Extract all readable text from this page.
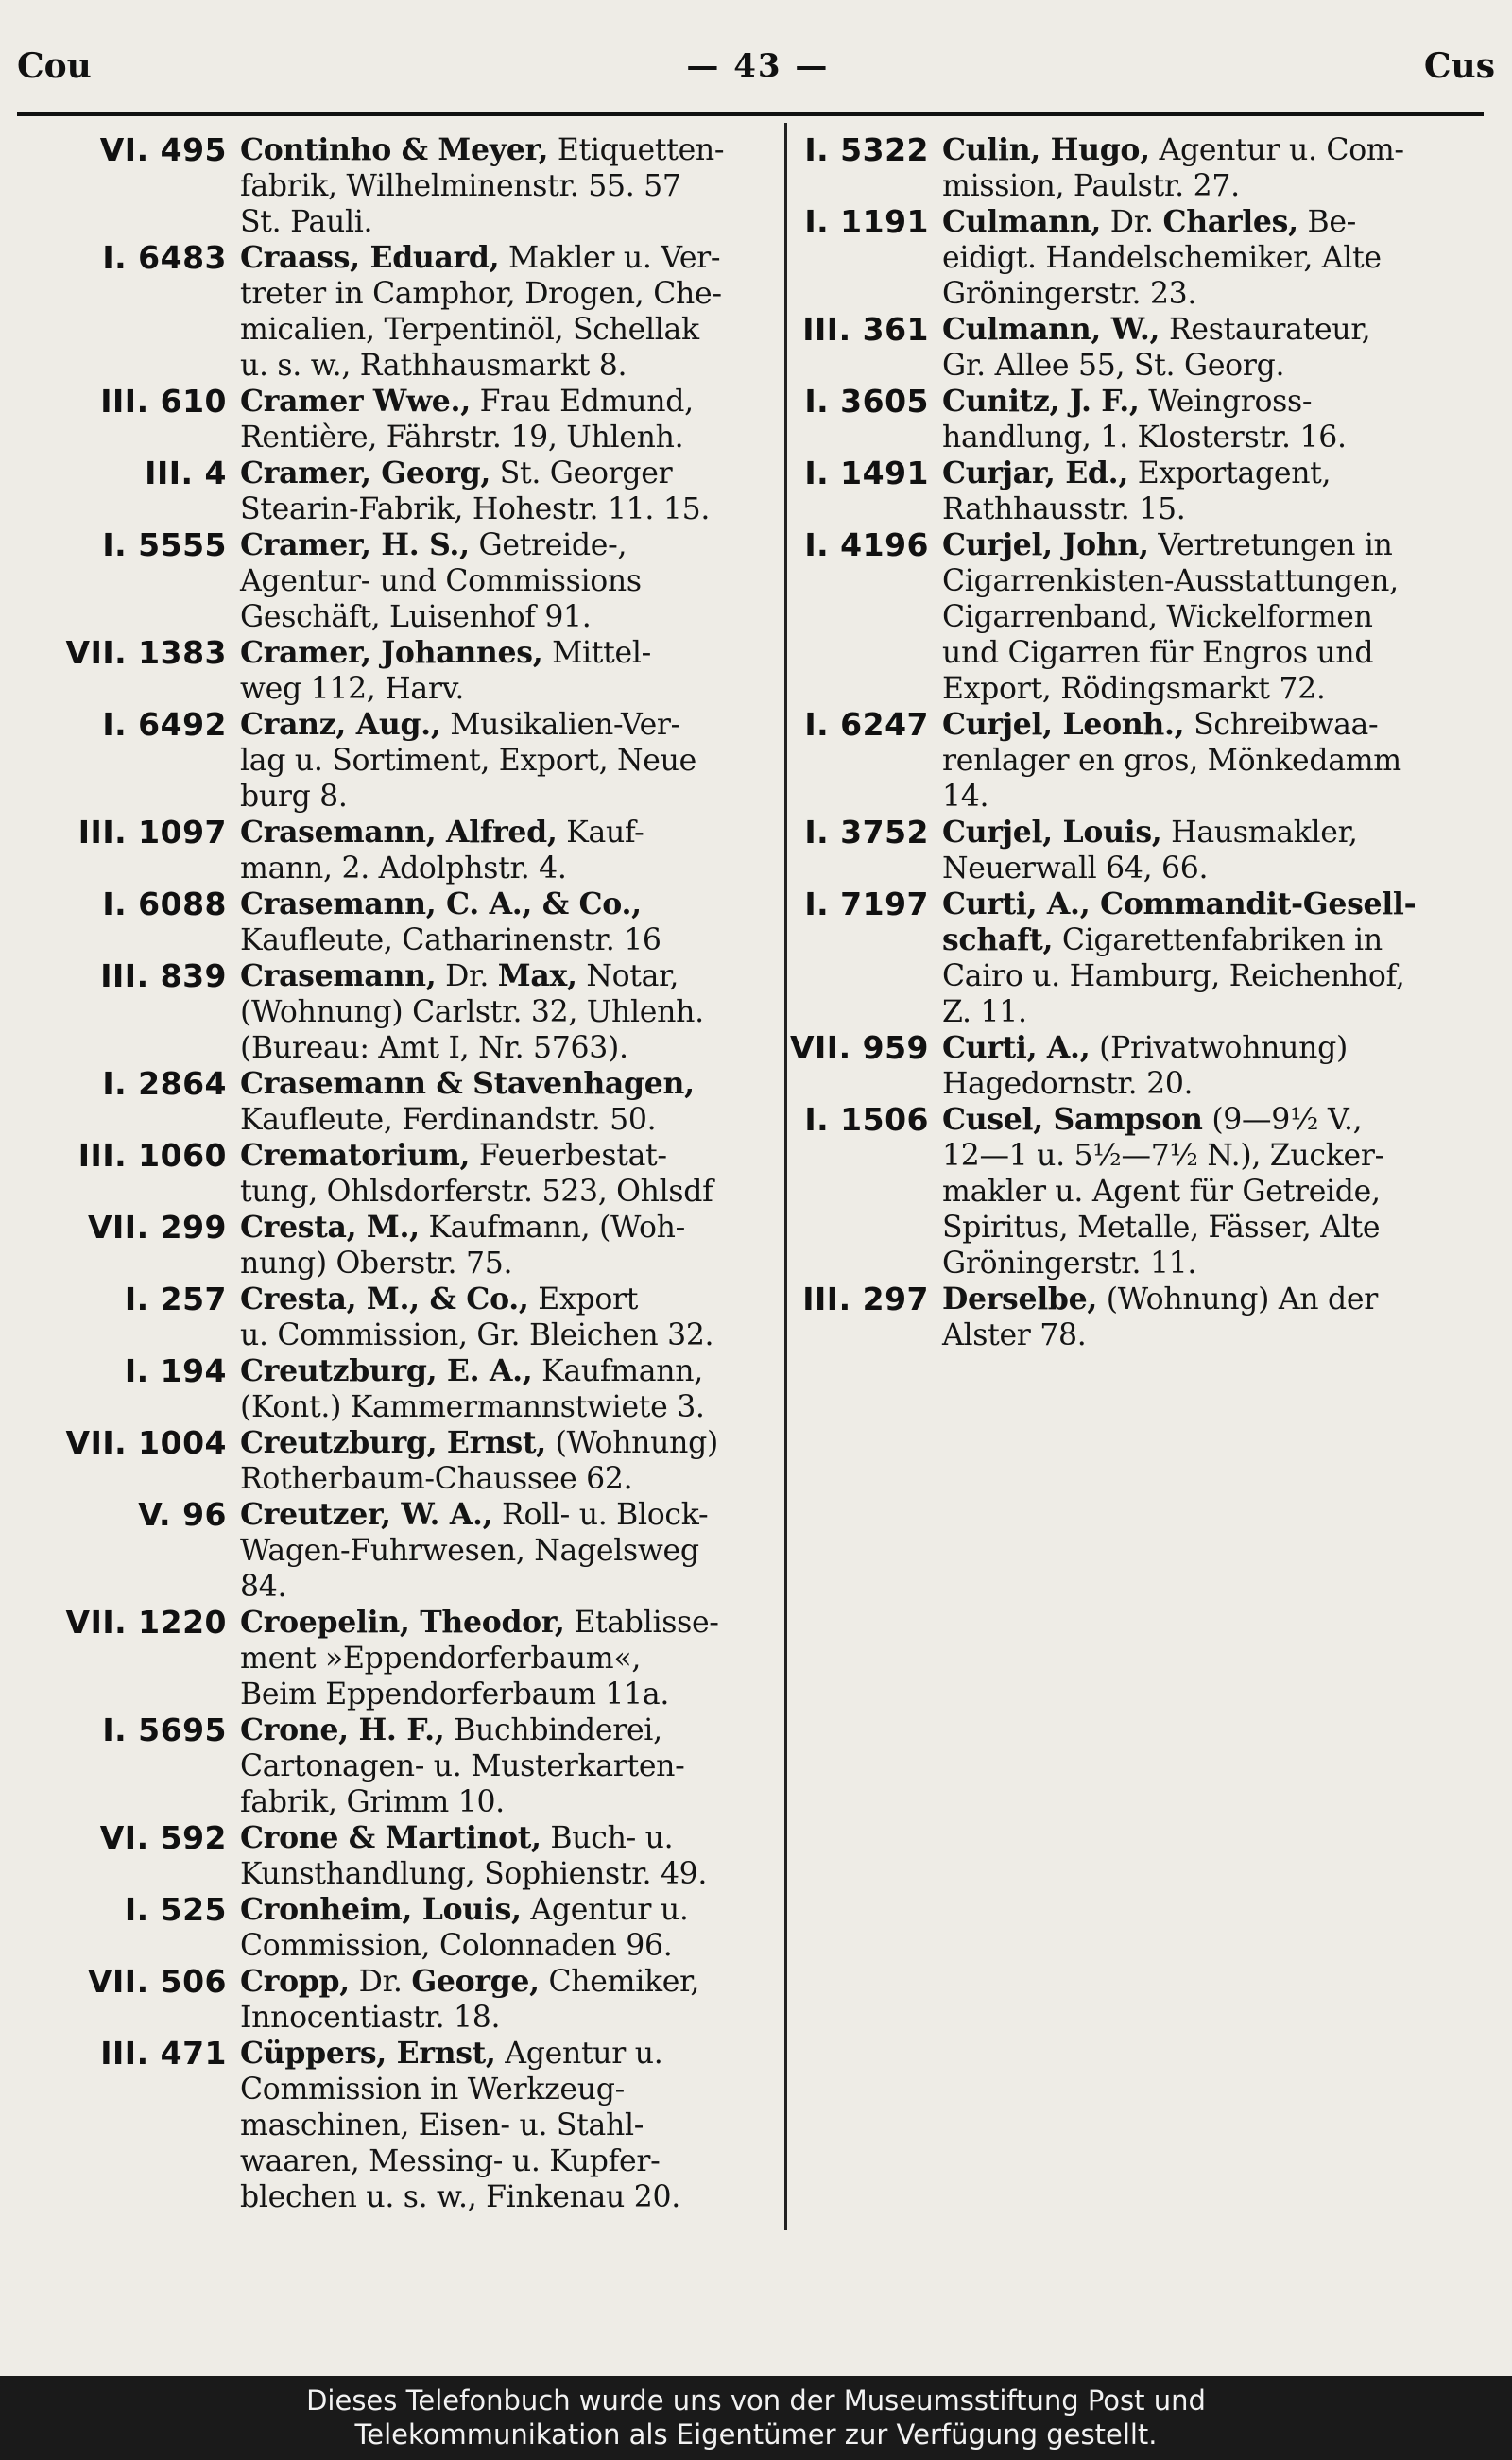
Cou	— 43 —	Cus
VI. 495 Continho & Meyer, Etiquetten-
fabrik, Wilhelminenstr. 55. 57
St. Pauli.
I. 6483 Craass, Eduard, Makler u. Ver-
treter in Camphor, Drogen, Che-
micalien, Terpentinöl, Schellak
u. s. w., Rathhausmarkt 8.
III. 610 Cramer Wwe., Frau Edmund,
Rentière, Fährstr. 19, Uhlenh.
III. 4 Cramer, Georg, St. Georger
Stearin-Fabrik, Hohestr. 11. 15.
I. 5555 Cramer, H. S., Getreide-,
Agentur- und Commissions
Geschäft, Luisenhof 91.
VII. 1383 Cramer, Johannes, Mittel-
weg 112, Harv.
I. 6492 Cranz, Aug., Musikalien-Ver-
lag u. Sortiment, Export, Neue
burg 8.
III. 1097 Crasemann, Alfred, Kauf-
mann, 2. Adolphstr. 4.
I. 6088 Crasemann, C. A., & Co.,
Kaufleute, Catharinenstr. 16
III. 839 Crasemann, Dr. Max, Notar,
(Wohnung) Carlstr. 32, Uhlenh.
(Bureau: Amt I, Nr. 5763).
I. 2864 Crasemann & Stavenhagen,
Kaufleute, Ferdinandstr. 50.
III. 1060 Crematorium, Feuerbestat-
tung, Ohlsdorferstr. 523, Ohlsdf
VII. 299 Cresta, M., Kaufmann, (Woh-
nung) Oberstr. 75.
I. 257 Cresta, M., & Co., Export
u. Commission, Gr. Bleichen 32.
I. 194 Creutzburg, E. A., Kaufmann,
(Kont.) Kammermannstwiete 3.
VII. 1004 Creutzburg, Ernst, (Wohnung)
Rotherbaum-Chaussee 62.
V. 96 Creutzer, W. A., Roll- u. Block-
Wagen-Fuhrwesen, Nagelsweg
84.
VII. 1220 Croepelin, Theodor, Etablisse-
ment »Eppendorferbaum«,
Beim Eppendorferbaum 11a.
I. 5695 Crone, H. F., Buchbinderei,
Cartonagen- u. Musterkarten-
fabrik, Grimm 10.
VI. 592 Crone & Martinot, Buch- u.
Kunsthandlung, Sophienstr. 49.
I. 525 Cronheim, Louis, Agentur u.
Commission, Colonnaden 96.
VII. 506 Cropp, Dr. George, Chemiker,
Innocentiastr. 18.
III. 471 Cüppers, Ernst, Agentur u.
Commission in Werkzeug-
maschinen, Eisen- u. Stahl-
waaren, Messing- u. Kupfer-
blechen u. s. w., Finkenau 20.
I. 5322 Culin, Hugo, Agentur u. Com-
mission, Paulstr. 27.
I. 1191 Culmann, Dr. Charles, Be-
eidigt. Handelschemiker, Alte
Gröningerstr. 23.
III. 361 Culmann, W., Restaurateur,
Gr. Allee 55, St. Georg.
I. 3605 Cunitz, J. F., Weingross-
handlung, 1. Klosterstr. 16.
I. 1491 Curjar, Ed., Exportagent,
Rathhausstr. 15.
I. 4196 Curjel, John, Vertretungen in
Cigarrenkisten-Ausstattungen,
Cigarrenband, Wickelformen
und Cigarren für Engros und
Export, Rödingsmarkt 72.
I. 6247 Curjel, Leonh., Schreibwaa-
renlager en gros, Mönkedamm
14.
I. 3752 Curjel, Louis, Hausmakler,
Neuerwall 64, 66.
I. 7197 Curti, A., Commandit-Gesell-
schaft, Cigarettenfabriken in
Cairo u. Hamburg, Reichenhof,
Z. 11.
VII. 959 Curti, A., (Privatwohnung)
Hagedornstr. 20.
I. 1506 Cusel, Sampson (9—9½ V.,
12—1 u. 5½—7½ N.), Zucker-
makler u. Agent für Getreide,
Spiritus, Metalle, Fässer, Alte
Gröningerstr. 11.
III. 297 Derselbe, (Wohnung) An der
Alster 78.
Dieses Telefonbuch wurde uns von der Museumsstiftung Post und
Telekommunikation als Eigentümer zur Verfügung gestellt.
